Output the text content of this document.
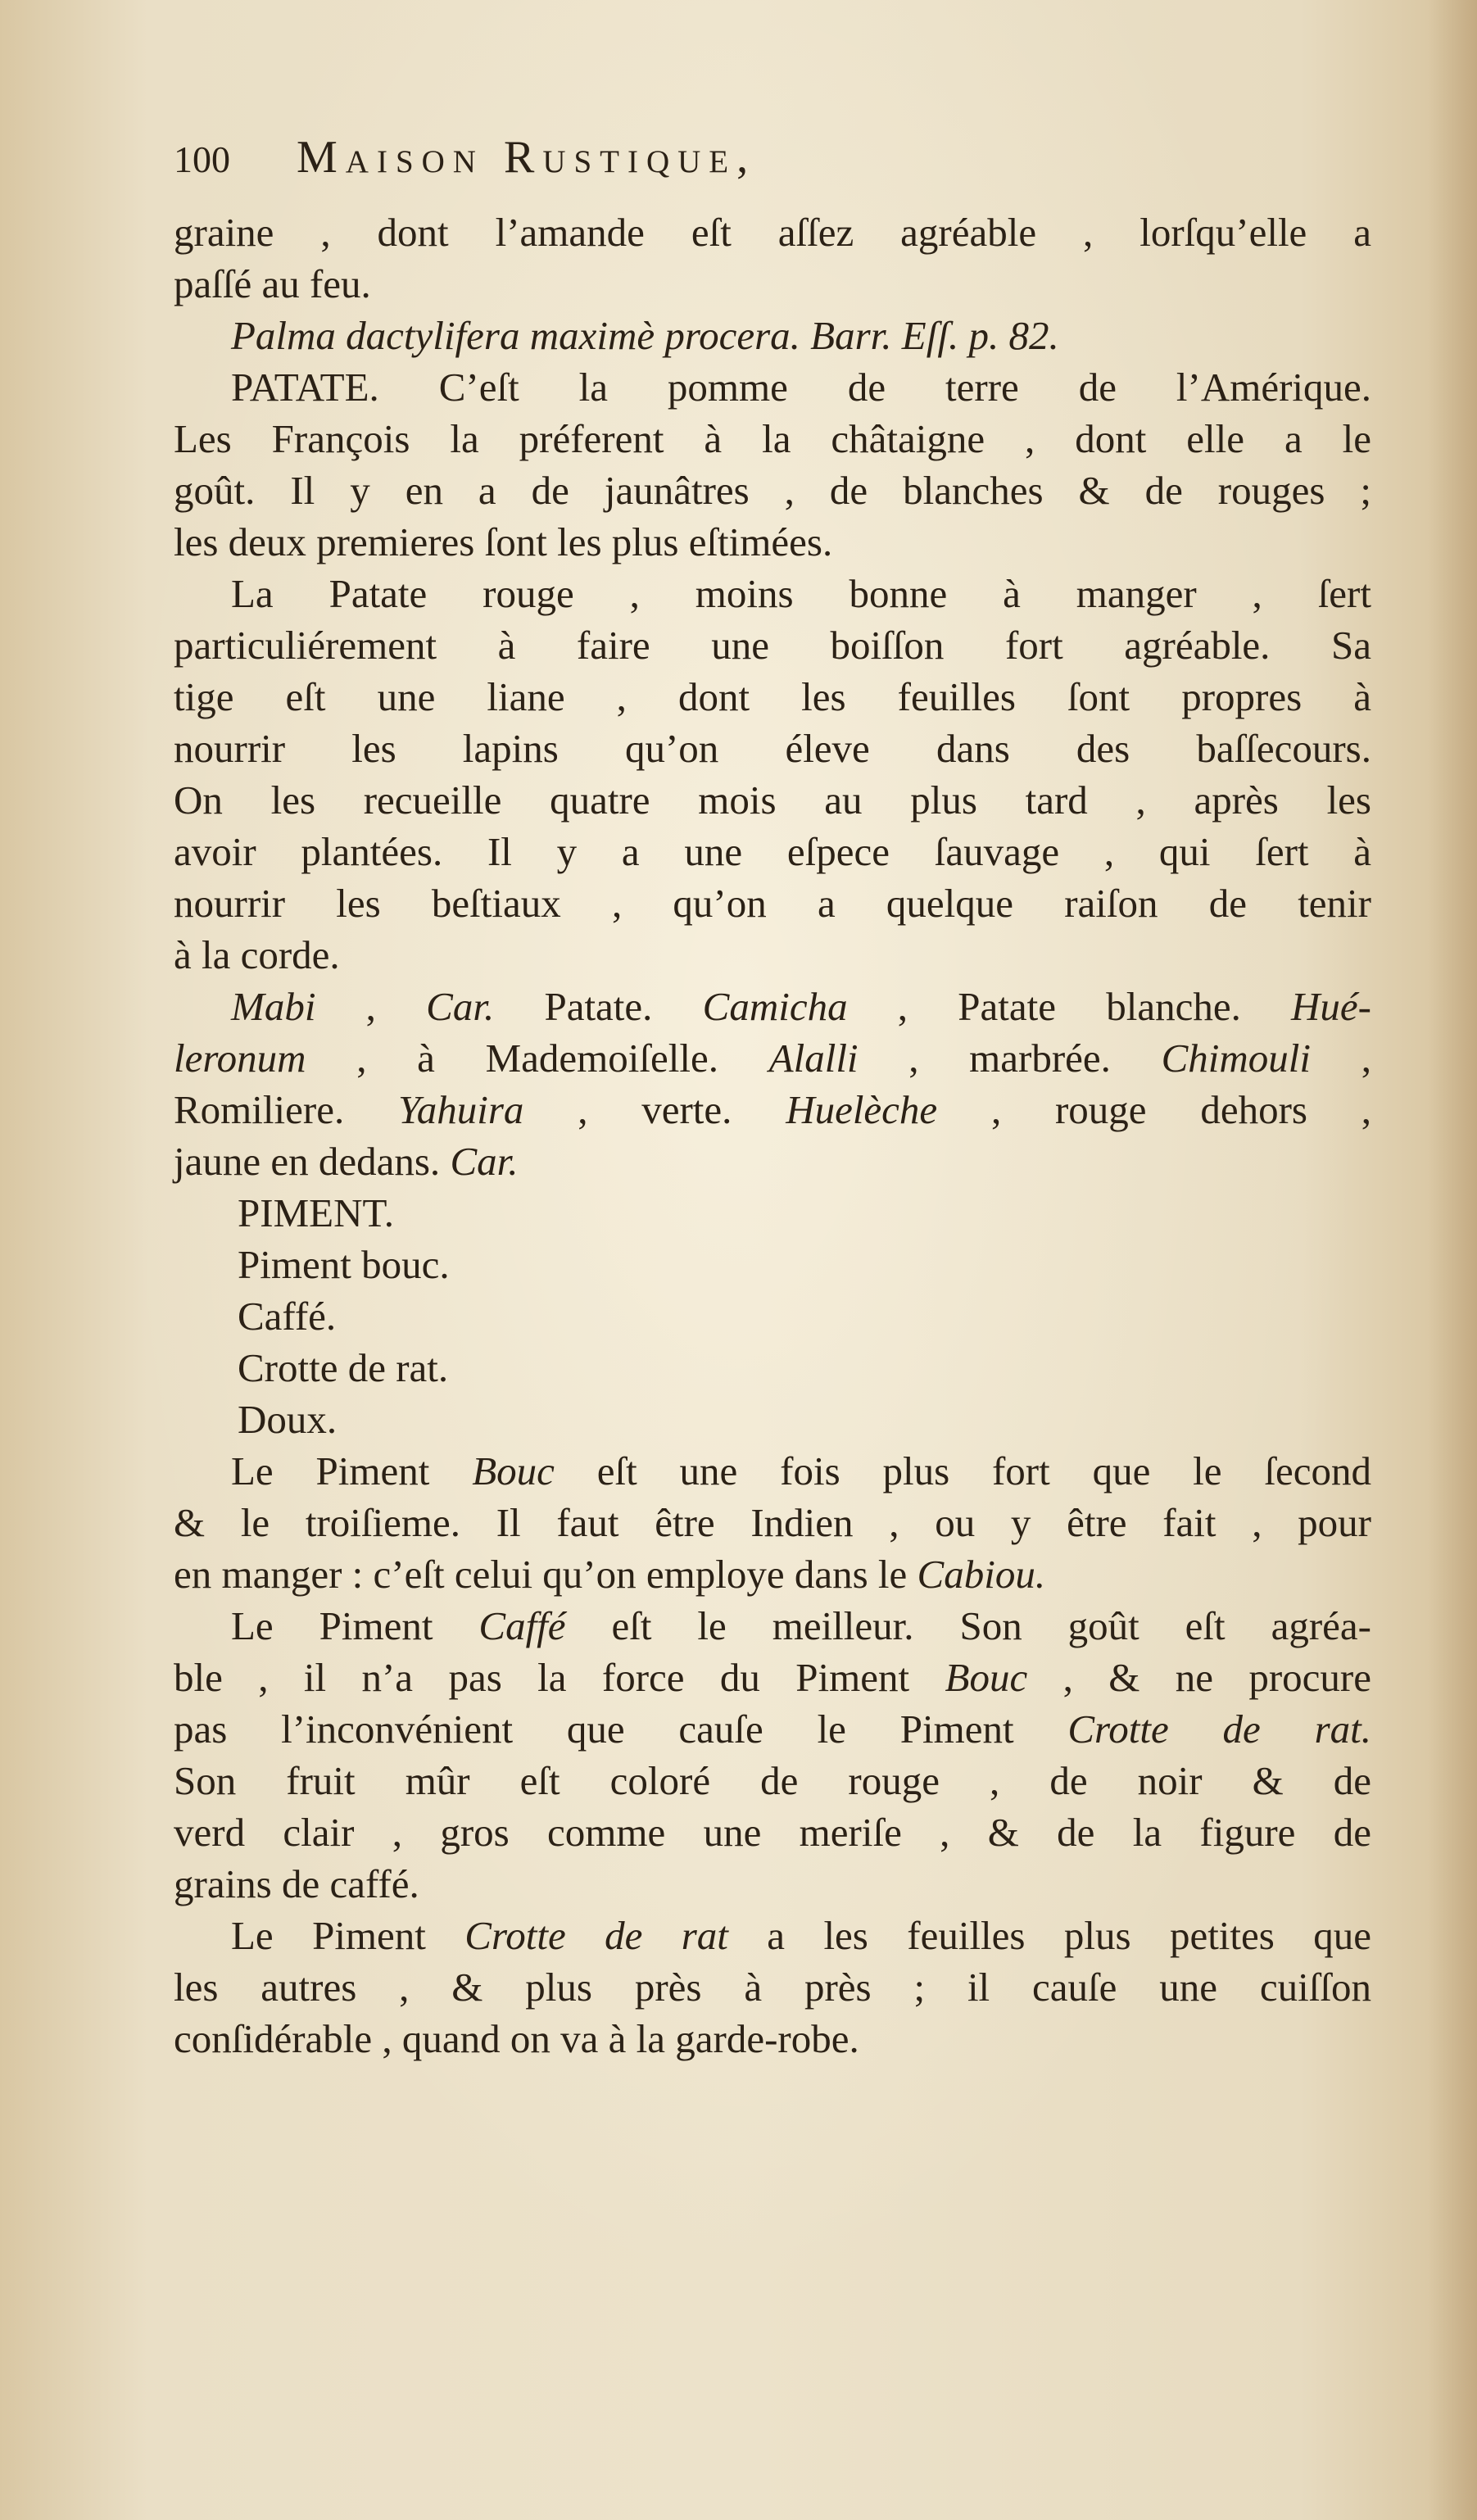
100	Maison Rustique,
graine , dont l’amande eſt aſſez agréable , lorſqu’elle a
paſſé au feu.
Palma dactylifera maximè procera. Barr. Eſſ. p. 82.
PATATE. C’eſt la pomme de terre de l’Amérique.
Les François la préferent à la châtaigne , dont elle a le
goût. Il y en a de jaunâtres , de blanches & de rouges ;
les deux premieres ſont les plus eſtimées.
La Patate rouge , moins bonne à manger , ſert
particuliérement à faire une boiſſon fort agréable. Sa
tige eſt une liane , dont les feuilles ſont propres à
nourrir les lapins qu’on éleve dans des baſſecours.
On les recueille quatre mois au plus tard , après les
avoir plantées. Il y a une eſpece ſauvage , qui ſert à
nourrir les beſtiaux , qu’on a quelque raiſon de tenir
à la corde.
Mabi , Car. Patate. Camicha , Patate blanche. Hué-
leronum , à Mademoiſelle. Alalli , marbrée. Chimouli ,
Romiliere. Yahuira , verte. Huelèche , rouge dehors ,
jaune en dedans. Car.
PIMENT.
Piment bouc.
Caffé.
Crotte de rat.
Doux.
Le Piment Bouc eſt une fois plus fort que le ſecond
& le troiſieme. Il faut être Indien , ou y être fait , pour
en manger : c’eſt celui qu’on employe dans le Cabiou.
Le Piment Caffé eſt le meilleur. Son goût eſt agréa-
ble , il n’a pas la force du Piment Bouc , & ne procure
pas l’inconvénient que cauſe le Piment Crotte de rat.
Son fruit mûr eſt coloré de rouge , de noir & de
verd clair , gros comme une meriſe , & de la figure de
grains de caffé.
Le Piment Crotte de rat a les feuilles plus petites que
les autres , & plus près à près ; il cauſe une cuiſſon
conſidérable , quand on va à la garde-robe.
